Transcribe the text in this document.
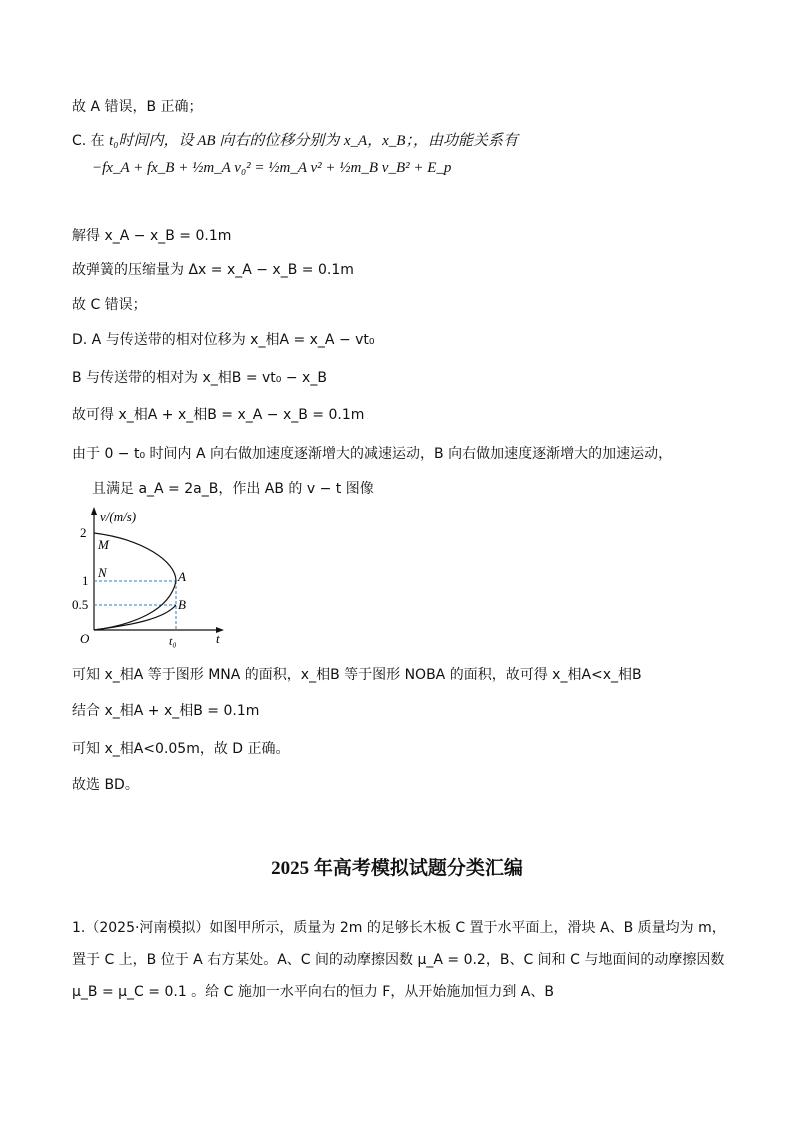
故 A 错误，B 正确；
C. 在 t₀时间内，设 AB 向右的位移分别为 x_A，x_B；，由功能关系有
−fx_A + fx_B + ½m_A v₀² = ½m_A v² + ½m_B v_B² + E_p
解得 x_A − x_B = 0.1m
故弹簧的压缩量为 Δx = x_A − x_B = 0.1m
故 C 错误；
D. A 与传送带的相对位移为 x_相A = x_A − vt₀
B 与传送带的相对为 x_相B = vt₀ − x_B
故可得 x_相A + x_相B = x_A − x_B = 0.1m
由于 0 − t₀ 时间内 A 向右做加速度逐渐增大的减速运动，B 向右做加速度逐渐增大的加速运动，
且满足 a_A = 2a_B，作出 AB 的 v − t 图像
v/(m/s)
2
1
0.5
O	t₀	t
M
N	A
B
可知 x_相A 等于图形 MNA 的面积，x_相B 等于图形 NOBA 的面积，故可得 x_相A<x_相B
结合 x_相A + x_相B = 0.1m
可知 x_相A<0.05m，故 D 正确。
故选 BD。
2025 年高考模拟试题分类汇编
1.（2025·河南模拟）如图甲所示，质量为 2m 的足够长木板 C 置于水平面上，滑块 A、B 质量均为 m，置于 C 上，B 位于 A 右方某处。A、C 间的动摩擦因数 μ_A = 0.2，B、C 间和 C 与地面间的动摩擦因数 μ_B = μ_C = 0.1 。给 C 施加一水平向右的恒力 F，从开始施加恒力到 A、B
